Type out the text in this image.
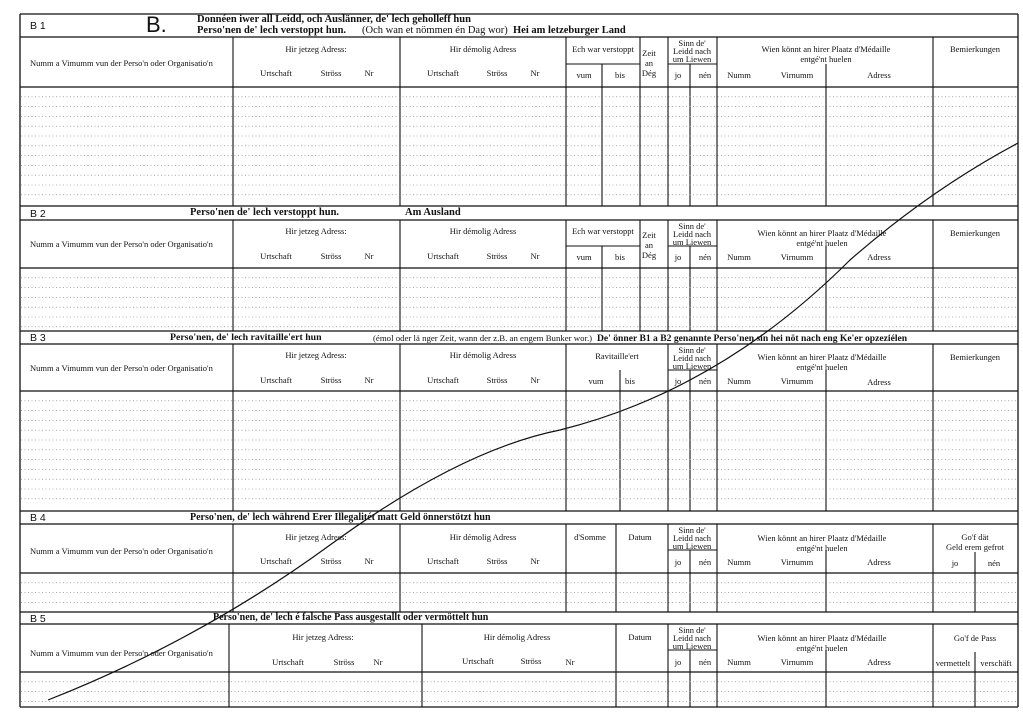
B.
B 1
Donnéen iwer all Leidd, och Auslänner, de' lech geholleff hun
Perso'nen de' lech verstoppt hun. (Och wan et nömmen én Dag wor) Hei am letzeburger Land
Numm a Vimumm vun der Perso'n oder Organisatio'n
Hir jetzeg Adress:
Urtschaft	Ströss	Nr
Hir démolig Adress
Urtschaft	Ströss	Nr
Ech war verstoppt
vum	bis
Zeit
an
Dég
Sinn de'
Leidd nach
um Liewen
jo nén
Wien könnt an hirer Plaatz d'Médaille
entgé'nt huelen
Numm	Virnumm	Adress
Bemierkungen
B 2	Perso'nen de' lech verstoppt hun.	Am Ausland
Numm a Vimumm vun der Perso'n oder Organisatio'n
Hir jetzeg Adress:
Urtschaft	Ströss	Nr
Hir démolig Adress
Urtschaft	Ströss	Nr
Ech war verstoppt
vum	bis
Zeit
an
Dég
Sinn de'
Leidd nach
um Liewen
jo nén
Wien könnt an hirer Plaatz d'Médaille
entgé'nt huelen
Numm	Virnumm	Adress
Bemierkungen
B 3	Perso'nen, de' lech ravitaille'ert hun	(émol oder lä nger Zeit, wann der z.B. an engem Bunker wor.) De' önner B1 a B2 genannte Perso'nen sin hei nöt nach eng Ke'er opzeziélen
Numm a Vimumm vun der Perso'n oder Organisatio'n
Hir jetzeg Adress:
Urtschaft	Ströss	Nr
Hir démolig Adress
Urtschaft	Ströss	Nr
Ravitaille'ert
vum	bis
Sinn de'
Leidd nach
um Liewen
jo nén
Wien könnt an hirer Plaatz d'Médaille
entgé'nt huelen
Numm	Virnumm	Adress
Bemierkungen
B 4	Perso'nen, de' lech während Erer Illegalitét matt Geld önnerstötzt hun
Numm a Vimumm vun der Perso'n oder Organisatio'n
Hir jetzeg Adress:
Urtschaft	Ströss	Nr
Hir démolig Adress
Urtschaft	Ströss	Nr
d'Somme	Datum
Sinn de'
Leidd nach
um Liewen
jo nén
Wien könnt an hirer Plaatz d'Médaille
entgé'nt huelen
Numm	Virnumm	Adress
Go'f dät
Geld erem gefrot
jo	nén
B 5	Perso'nen, de' lech é falsche Pass ausgestallt oder vermöttelt hun
Numm a Vimumm vun der Perso'n oder Organisatio'n
Hir jetzeg Adress:
Urtschaft	Ströss Nr
Hir démolig Adress
Urtschaft	Ströss	Nr
Datum
Sinn de'
Leidd nach
um Liewen
jo nén
Wien könnt an hirer Plaatz d'Médaille
entgé'nt huelen
Numm	Virnumm	Adress
Go'f de Pass
vermettelt verschäft
